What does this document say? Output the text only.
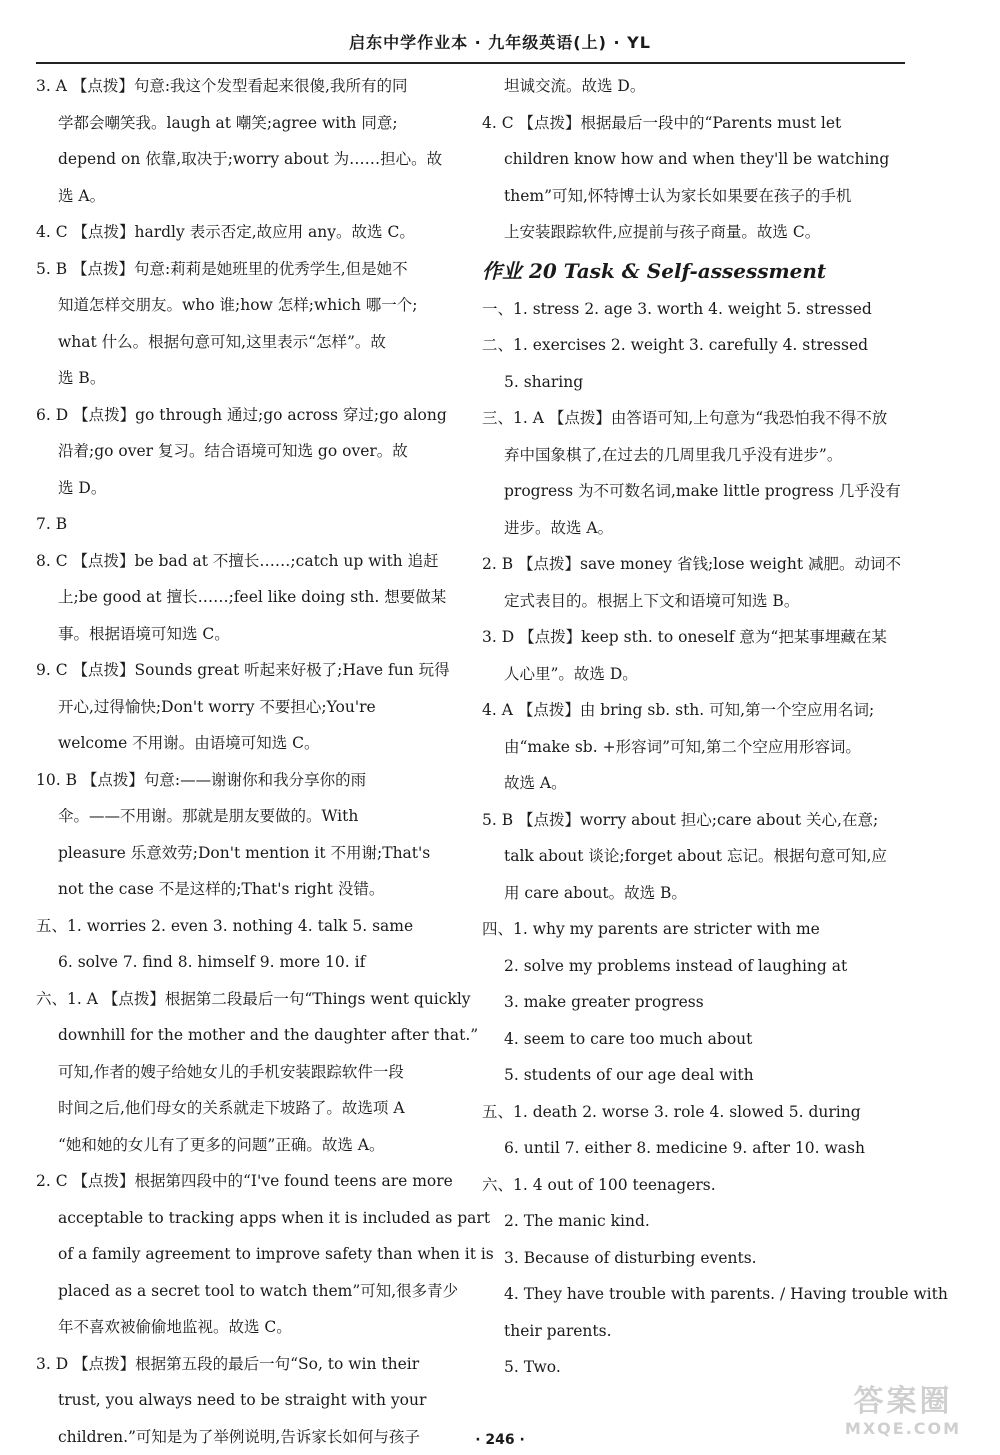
启东中学作业本 · 九年级英语(上) · YL
3. A 【点拨】句意:我这个发型看起来很傻,我所有的同
学都会嘲笑我。laugh at 嘲笑;agree with 同意;
depend on 依靠,取决于;worry about 为……担心。故
选 A。
4. C 【点拨】hardly 表示否定,故应用 any。故选 C。
5. B 【点拨】句意:莉莉是她班里的优秀学生,但是她不
知道怎样交朋友。who 谁;how 怎样;which 哪一个;
what 什么。根据句意可知,这里表示“怎样”。故
选 B。
6. D 【点拨】go through 通过;go across 穿过;go along
沿着;go over 复习。结合语境可知选 go over。故
选 D。
7. B
8. C 【点拨】be bad at 不擅长……;catch up with 追赶
上;be good at 擅长……;feel like doing sth. 想要做某
事。根据语境可知选 C。
9. C 【点拨】Sounds great 听起来好极了;Have fun 玩得
开心,过得愉快;Don't worry 不要担心;You're
welcome 不用谢。由语境可知选 C。
10. B 【点拨】句意:——谢谢你和我分享你的雨
伞。——不用谢。那就是朋友要做的。With
pleasure 乐意效劳;Don't mention it 不用谢;That's
not the case 不是这样的;That's right 没错。
五、1. worries 2. even 3. nothing 4. talk 5. same
6. solve 7. find 8. himself 9. more 10. if
六、1. A 【点拨】根据第二段最后一句“Things went quickly
downhill for the mother and the daughter after that.”
可知,作者的嫂子给她女儿的手机安装跟踪软件一段
时间之后,他们母女的关系就走下坡路了。故选项 A
“她和她的女儿有了更多的问题”正确。故选 A。
2. C 【点拨】根据第四段中的“I've found teens are more
acceptable to tracking apps when it is included as part
of a family agreement to improve safety than when it is
placed as a secret tool to watch them”可知,很多青少
年不喜欢被偷偷地监视。故选 C。
3. D 【点拨】根据第五段的最后一句“So, to win their
trust, you always need to be straight with your
children.”可知是为了举例说明,告诉家长如何与孩子
坦诚交流。故选 D。
4. C 【点拨】根据最后一段中的“Parents must let
children know how and when they'll be watching
them”可知,怀特博士认为家长如果要在孩子的手机
上安装跟踪软件,应提前与孩子商量。故选 C。
作业 20 Task & Self-assessment
一、1. stress 2. age 3. worth 4. weight 5. stressed
二、1. exercises 2. weight 3. carefully 4. stressed
5. sharing
三、1. A 【点拨】由答语可知,上句意为“我恐怕我不得不放
弃中国象棋了,在过去的几周里我几乎没有进步”。
progress 为不可数名词,make little progress 几乎没有
进步。故选 A。
2. B 【点拨】save money 省钱;lose weight 减肥。动词不
定式表目的。根据上下文和语境可知选 B。
3. D 【点拨】keep sth. to oneself 意为“把某事埋藏在某
人心里”。故选 D。
4. A 【点拨】由 bring sb. sth. 可知,第一个空应用名词;
由“make sb. +形容词”可知,第二个空应用形容词。
故选 A。
5. B 【点拨】worry about 担心;care about 关心,在意;
talk about 谈论;forget about 忘记。根据句意可知,应
用 care about。故选 B。
四、1. why my parents are stricter with me
2. solve my problems instead of laughing at
3. make greater progress
4. seem to care too much about
5. students of our age deal with
五、1. death 2. worse 3. role 4. slowed 5. during
6. until 7. either 8. medicine 9. after 10. wash
六、1. 4 out of 100 teenagers.
2. The manic kind.
3. Because of disturbing events.
4. They have trouble with parents. / Having trouble with
their parents.
5. Two.
· 246 ·
答案圈
MXQE.COM
